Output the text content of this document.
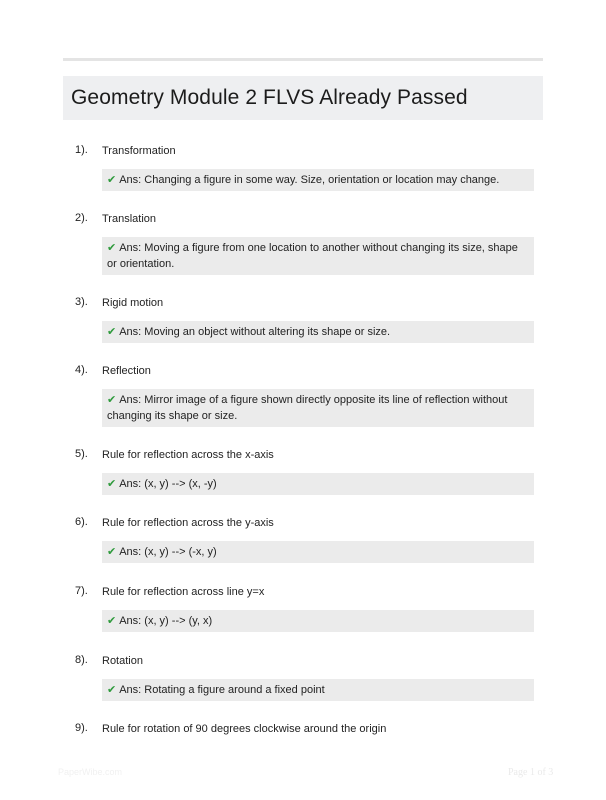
Geometry Module 2 FLVS Already Passed
1). Transformation
✔ Ans: Changing a figure in some way. Size, orientation or location may change.
2). Translation
✔ Ans: Moving a figure from one location to another without changing its size, shape or orientation.
3). Rigid motion
✔ Ans: Moving an object without altering its shape or size.
4). Reflection
✔ Ans: Mirror image of a figure shown directly opposite its line of reflection without changing its shape or size.
5). Rule for reflection across the x-axis
✔ Ans: (x, y) --> (x, -y)
6). Rule for reflection across the y-axis
✔ Ans: (x, y) --> (-x, y)
7). Rule for reflection across line y=x
✔ Ans: (x, y) --> (y, x)
8). Rotation
✔ Ans: Rotating a figure around a fixed point
9). Rule for rotation of 90 degrees clockwise around the origin
PaperWibe.com	Page 1 of 3
